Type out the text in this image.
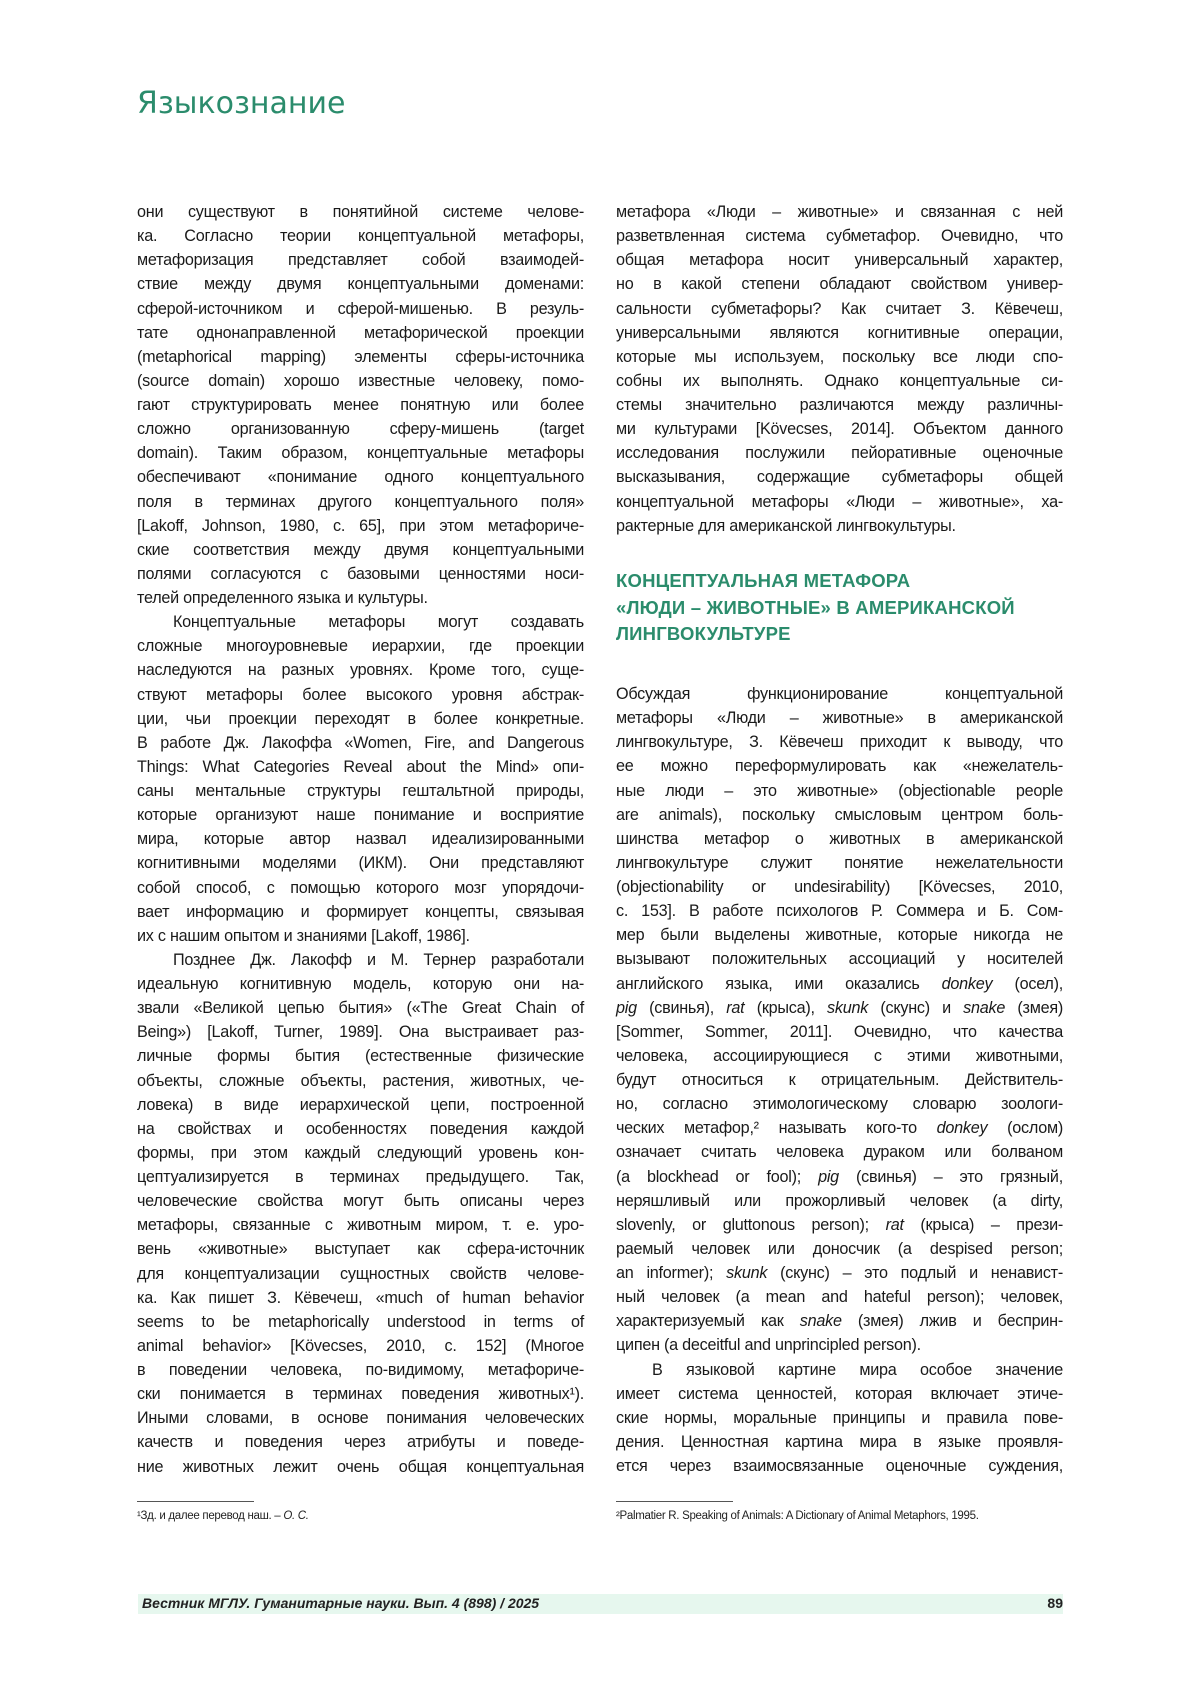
Языкознание
они существуют в понятийной системе челове-
ка. Согласно теории концептуальной метафоры,
метафоризация представляет собой взаимодей-
ствие между двумя концептуальными доменами:
сферой-источником и сферой-мишенью. В резуль-
тате однонаправленной метафорической проекции
(metaphorical mapping) элементы сферы-источника
(source domain) хорошо известные человеку, помо-
гают структурировать менее понятную или более
сложно организованную сферу-мишень (target
domain). Таким образом, концептуальные метафоры
обеспечивают «понимание одного концептуального
поля в терминах другого концептуального поля»
[Lakoff, Johnson, 1980, с. 65], при этом метафориче-
ские соответствия между двумя концептуальными
полями согласуются с базовыми ценностями носи-
телей определенного языка и культуры.
Концептуальные метафоры могут создавать
сложные многоуровневые иерархии, где проекции
наследуются на разных уровнях. Кроме того, суще-
ствуют метафоры более высокого уровня абстрак-
ции, чьи проекции переходят в более конкретные.
В работе Дж. Лакоффа «Women, Fire, and Dangerous
Things: What Categories Reveal about the Mind» опи-
саны ментальные структуры гештальтной природы,
которые организуют наше понимание и восприятие
мира, которые автор назвал идеализированными
когнитивными моделями (ИКМ). Они представляют
собой способ, с помощью которого мозг упорядочи-
вает информацию и формирует концепты, связывая
их с нашим опытом и знаниями [Lakoff, 1986].
Позднее Дж. Лакофф и М. Тернер разработали
идеальную когнитивную модель, которую они на-
звали «Великой цепью бытия» («The Great Chain of
Being») [Lakoff, Turner, 1989]. Она выстраивает раз-
личные формы бытия (естественные физические
объекты, сложные объекты, растения, животных, че-
ловека) в виде иерархической цепи, построенной
на свойствах и особенностях поведения каждой
формы, при этом каждый следующий уровень кон-
цептуализируется в терминах предыдущего. Так,
человеческие свойства могут быть описаны через
метафоры, связанные с животным миром, т. е. уро-
вень «животные» выступает как сфера-источник
для концептуализации сущностных свойств челове-
ка. Как пишет З. Кёвечеш, «much of human behavior
seems to be metaphorically understood in terms of
animal behavior» [Kövecses, 2010, с. 152] (Многое
в поведении человека, по-видимому, метафориче-
ски понимается в терминах поведения животных¹).
Иными словами, в основе понимания человеческих
качеств и поведения через атрибуты и поведе-
ние животных лежит очень общая концептуальная
метафора «Люди – животные» и связанная с ней
разветвленная система субметафор. Очевидно, что
общая метафора носит универсальный характер,
но в какой степени обладают свойством универ-
сальности субметафоры? Как считает З. Кёвечеш,
универсальными являются когнитивные операции,
которые мы используем, поскольку все люди спо-
собны их выполнять. Однако концептуальные си-
стемы значительно различаются между различны-
ми культурами [Kövecses, 2014]. Объектом данного
исследования послужили пейоративные оценочные
высказывания, содержащие субметафоры общей
концептуальной метафоры «Люди – животные», ха-
рактерные для американской лингвокультуры.
КОНЦЕПТУАЛЬНАЯ МЕТАФОРА
«ЛЮДИ – ЖИВОТНЫЕ» В АМЕРИКАНСКОЙ
ЛИНГВОКУЛЬТУРЕ
Обсуждая функционирование концептуальной
метафоры «Люди – животные» в американской
лингвокультуре, З. Кёвечеш приходит к выводу, что
ее можно переформулировать как «нежелатель-
ные люди – это животные» (objectionable people
are animals), поскольку смысловым центром боль-
шинства метафор о животных в американской
лингвокультуре служит понятие нежелательности
(objectionability or undesirability) [Kövecses, 2010,
с. 153]. В работе психологов Р. Соммера и Б. Сом-
мер были выделены животные, которые никогда не
вызывают положительных ассоциаций у носителей
английского языка, ими оказались donkey (осел),
pig (свинья), rat (крыса), skunk (скунс) и snake (змея)
[Sommer, Sommer, 2011]. Очевидно, что качества
человека, ассоциирующиеся с этими животными,
будут относиться к отрицательным. Действитель-
но, согласно этимологическому словарю зоологи-
ческих метафор,² называть кого-то donkey (ослом)
означает считать человека дураком или болваном
(a blockhead or fool); pig (свинья) – это грязный,
неряшливый или прожорливый человек (a dirty,
slovenly, or gluttonous person); rat (крыса) – прези-
раемый человек или доносчик (a despised person;
an informer); skunk (скунс) – это подлый и ненавист-
ный человек (a mean and hateful person); человек,
характеризуемый как snake (змея) лжив и бесприн-
ципен (a deceitful and unprincipled person).
В языковой картине мира особое значение
имеет система ценностей, которая включает этиче-
ские нормы, моральные принципы и правила пове-
дения. Ценностная картина мира в языке проявля-
ется через взаимосвязанные оценочные суждения,
¹Зд. и далее перевод наш. – О. С.	²Palmatier R. Speaking of Animals: A Dictionary of Animal Metaphors, 1995.
Вестник МГЛУ. Гуманитарные науки. Вып. 4 (898) / 2025	89
